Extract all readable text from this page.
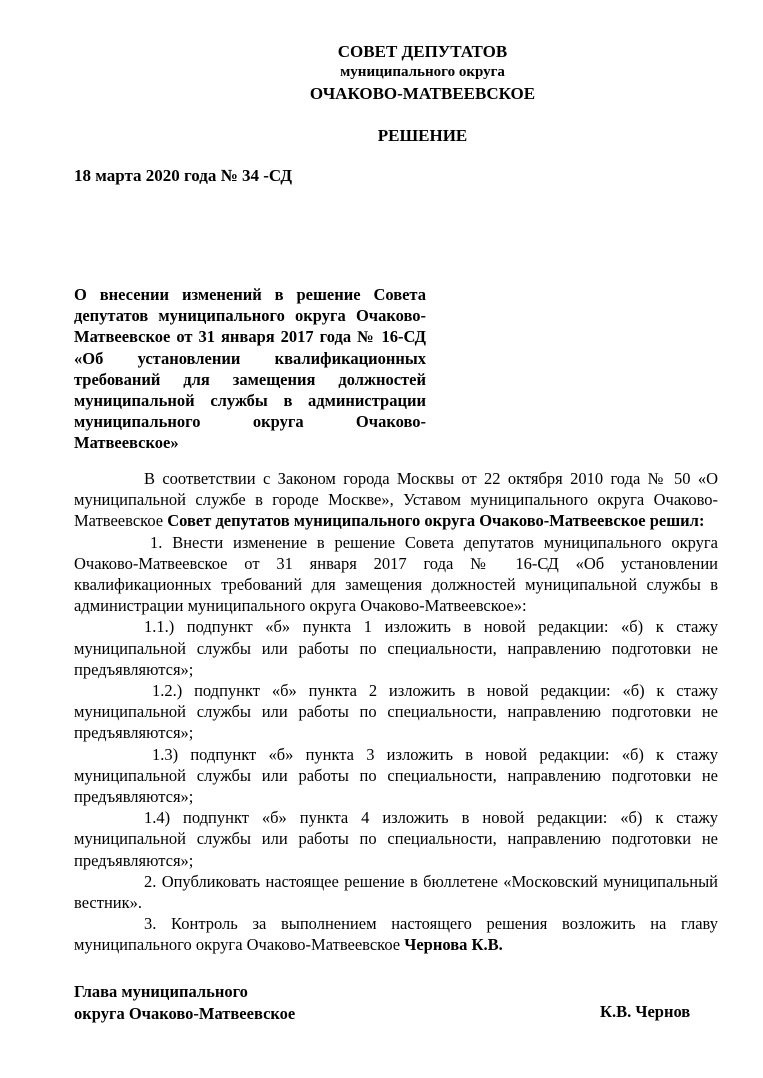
СОВЕТ ДЕПУТАТОВ
муниципального округа
ОЧАКОВО-МАТВЕЕВСКОЕ
РЕШЕНИЕ
18 марта 2020 года № 34 -СД
О внесении изменений в решение Совета депутатов муниципального округа Очаково-Матвеевское от 31 января 2017 года № 16-СД «Об установлении квалификационных требований для замещения должностей муниципальной службы в администрации муниципального округа Очаково-Матвеевское»

В соответствии с Законом города Москвы от 22 октября 2010 года № 50 «О муниципальной службе в городе Москве», Уставом муниципального округа Очаково-Матвеевское Совет депутатов муниципального округа Очаково-Матвеевское решил:

1. Внести изменение в решение Совета депутатов муниципального округа Очаково-Матвеевское от 31 января 2017 года № 16-СД «Об установлении квалификационных требований для замещения должностей муниципальной службы в администрации муниципального округа Очаково-Матвеевское»:

1.1.) подпункт «б» пункта 1 изложить в новой редакции: «б) к стажу муниципальной службы или работы по специальности, направлению подготовки не предъявляются»;

1.2.) подпункт «б» пункта 2 изложить в новой редакции: «б) к стажу муниципальной службы или работы по специальности, направлению подготовки не предъявляются»;

1.3) подпункт «б» пункта 3 изложить в новой редакции: «б) к стажу муниципальной службы или работы по специальности, направлению подготовки не предъявляются»;

1.4) подпункт «б» пункта 4 изложить в новой редакции: «б) к стажу муниципальной службы или работы по специальности, направлению подготовки не предъявляются»;

2. Опубликовать настоящее решение в бюллетене «Московский муниципальный вестник».

3. Контроль за выполнением настоящего решения возложить на главу муниципального округа Очаково-Матвеевское Чернова К.В.

Глава муниципального
округа Очаково-Матвеевское	К.В. Чернов
